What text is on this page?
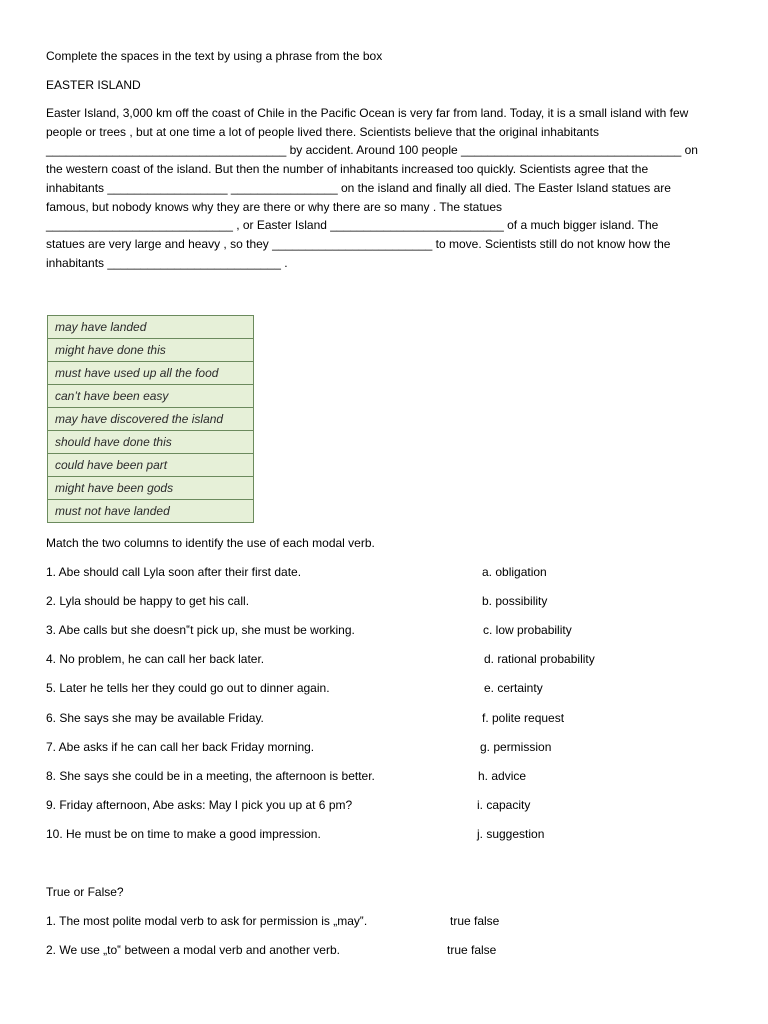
Complete the spaces in the text by using a phrase from the box
EASTER ISLAND
Easter Island, 3,000 km off the coast of Chile in the Pacific Ocean is very far from land. Today, it is a small island with few
people or trees , but at one time a lot of people lived there. Scientists believe that the original inhabitants
____________________________________ by accident. Around 100 people _________________________________ on
the western coast of the island. But then the number of inhabitants increased too quickly. Scientists agree that the
inhabitants __________________ ________________ on the island and finally all died. The Easter Island statues are
famous, but nobody knows why they are there or why there are so many . The statues
____________________________ , or Easter Island __________________________ of a much bigger island. The
statues are very large and heavy , so they ________________________ to move. Scientists still do not know how the
inhabitants __________________________ .
may have landed
might have done this
must have used up all the food
can’t have been easy
may have discovered the island
should have done this
could have been part
might have been gods
must not have landed
Match the two columns to identify the use of each modal verb.
1. Abe should call Lyla soon after their first date.
2. Lyla should be happy to get his call.
3. Abe calls but she doesn‟t pick up, she must be working.
4. No problem, he can call her back later.
5. Later he tells her they could go out to dinner again.
6. She says she may be available Friday.
7. Abe asks if he can call her back Friday morning.
8. She says she could be in a meeting, the afternoon is better.
9. Friday afternoon, Abe asks: May I pick you up at 6 pm?
10. He must be on time to make a good impression.
a. obligation
b. possibility
c. low probability
d. rational probability
e. certainty
f. polite request
g. permission
h. advice
i. capacity
j. suggestion
True or False?
1. The most polite modal verb to ask for permission is „may‟.	true false
2. We use „to‟ between a modal verb and another verb.	true false
